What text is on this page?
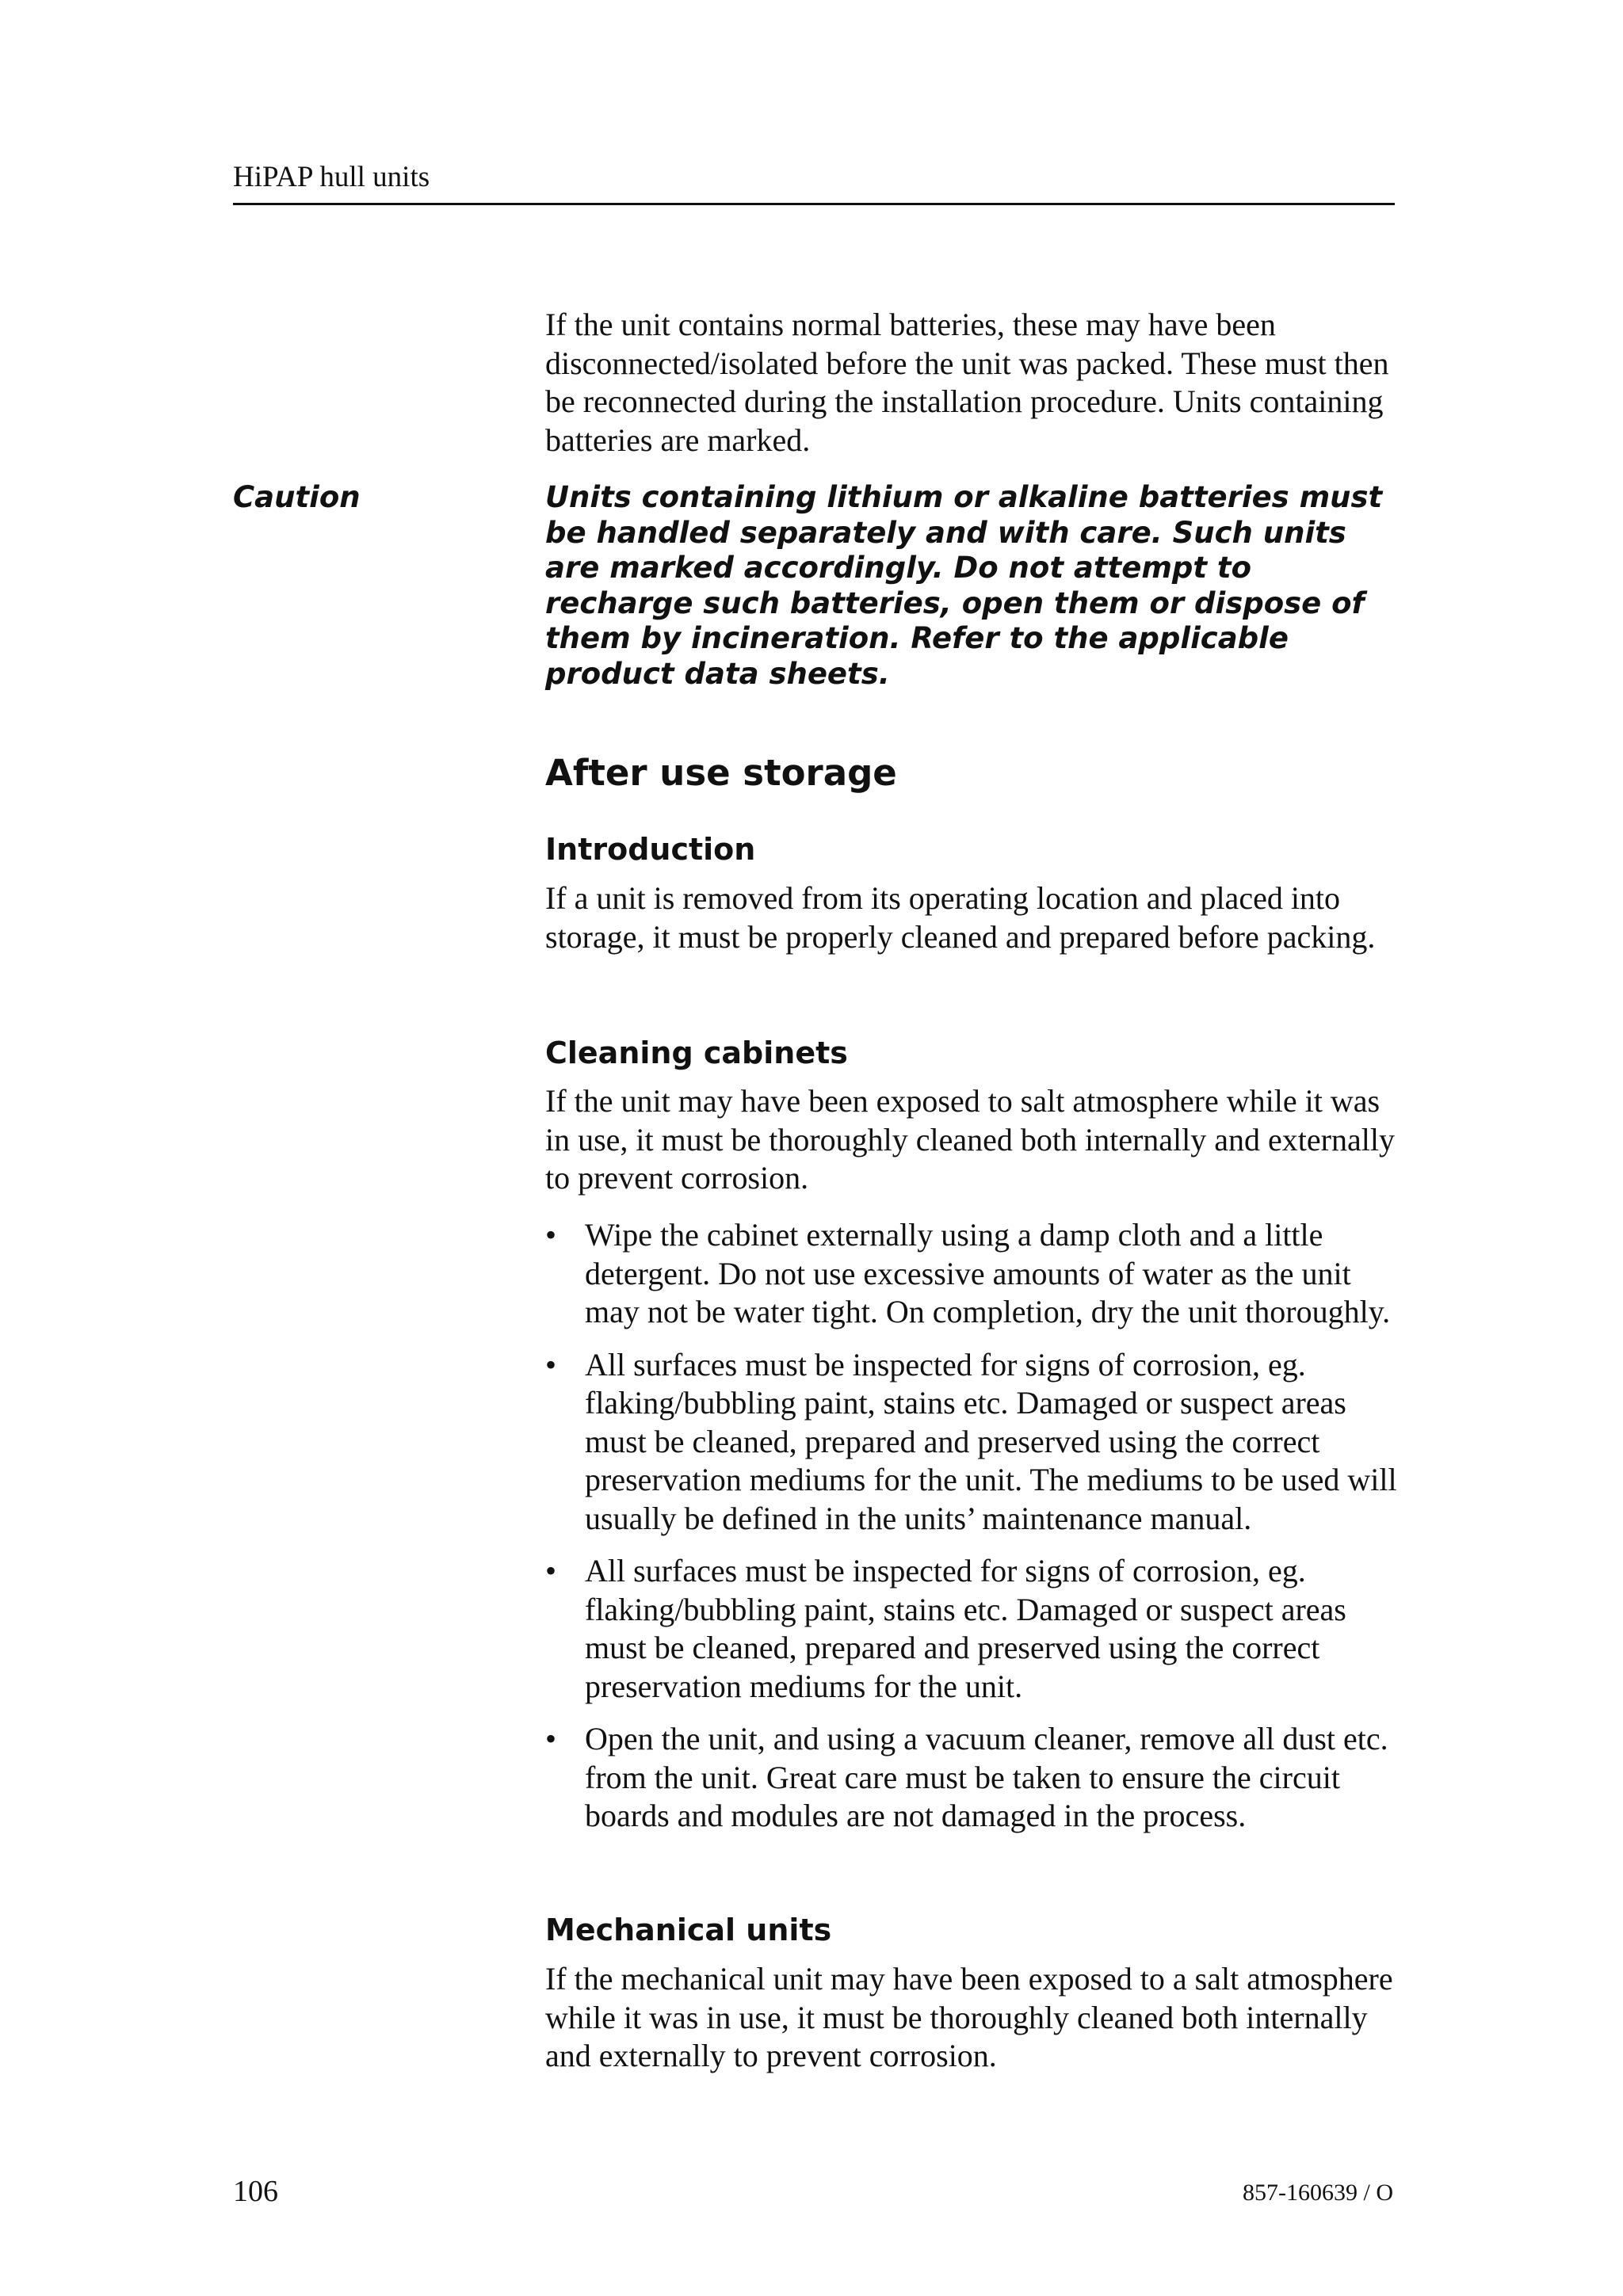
HiPAP hull units

If the unit contains normal batteries, these may have been disconnected/isolated before the unit was packed. These must then be reconnected during the installation procedure. Units containing batteries are marked.

Caution	Units containing lithium or alkaline batteries must be handled separately and with care. Such units are marked accordingly. Do not attempt to recharge such batteries, open them or dispose of them by incineration. Refer to the applicable product data sheets.

After use storage
Introduction

If a unit is removed from its operating location and placed into storage, it must be properly cleaned and prepared before packing.

Cleaning cabinets

If the unit may have been exposed to salt atmosphere while it was in use, it must be thoroughly cleaned both internally and externally to prevent corrosion.

• Wipe the cabinet externally using a damp cloth and a little detergent. Do not use excessive amounts of water as the unit may not be water tight. On completion, dry the unit thoroughly.
• All surfaces must be inspected for signs of corrosion, eg. flaking/bubbling paint, stains etc. Damaged or suspect areas must be cleaned, prepared and preserved using the correct preservation mediums for the unit. The mediums to be used will usually be defined in the units’ maintenance manual.
• All surfaces must be inspected for signs of corrosion, eg. flaking/bubbling paint, stains etc. Damaged or suspect areas must be cleaned, prepared and preserved using the correct preservation mediums for the unit.
• Open the unit, and using a vacuum cleaner, remove all dust etc. from the unit. Great care must be taken to ensure the circuit boards and modules are not damaged in the process.
Mechanical units

If the mechanical unit may have been exposed to a salt atmosphere while it was in use, it must be thoroughly cleaned both internally and externally to prevent corrosion.

106	857-160639 / O
